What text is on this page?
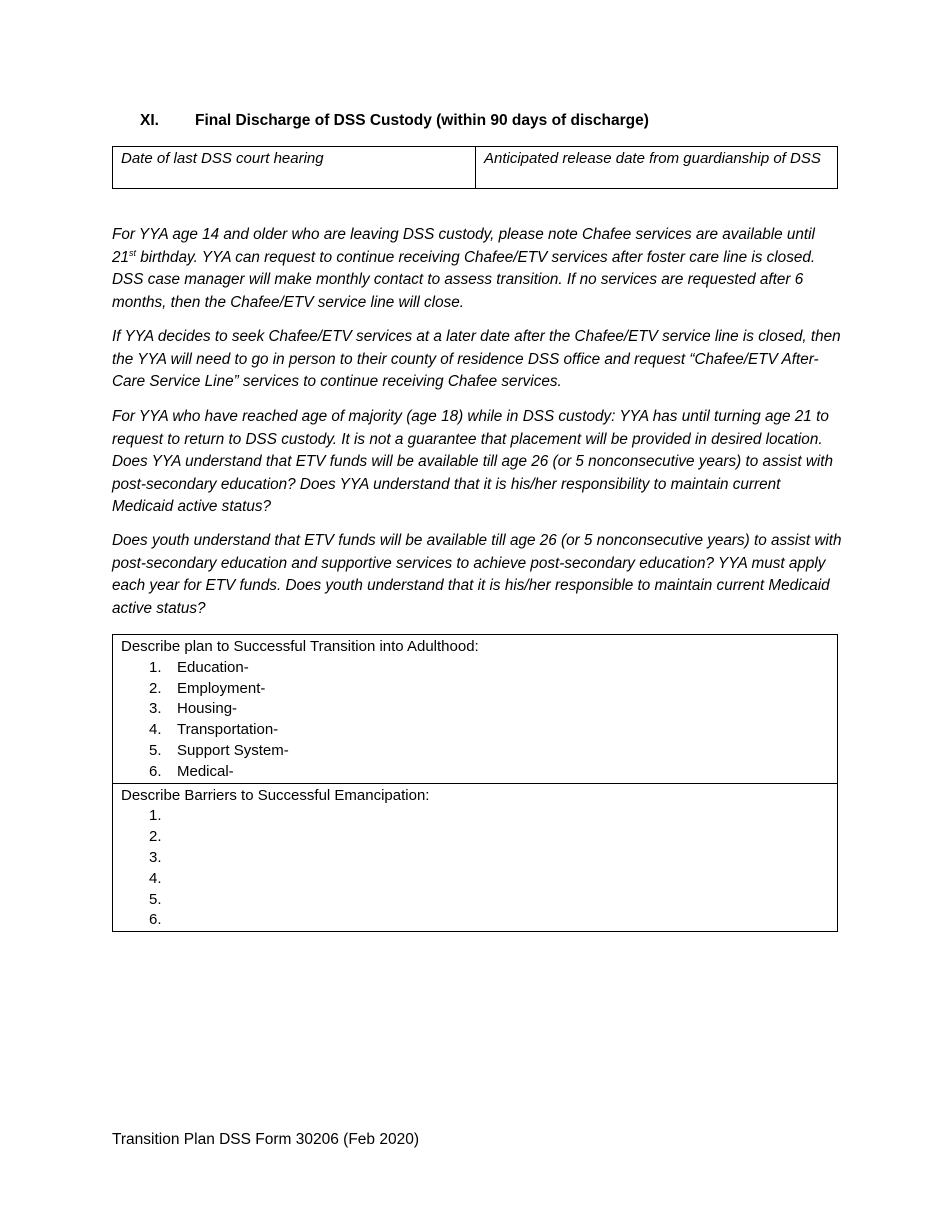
XI. Final Discharge of DSS Custody (within 90 days of discharge)
Date of last DSS court hearing	Anticipated release date from guardianship of DSS

For YYA age 14 and older who are leaving DSS custody, please note Chafee services are available until 21st birthday. YYA can request to continue receiving Chafee/ETV services after foster care line is closed. DSS case manager will make monthly contact to assess transition. If no services are requested after 6 months, then the Chafee/ETV service line will close.

If YYA decides to seek Chafee/ETV services at a later date after the Chafee/ETV service line is closed, then the YYA will need to go in person to their county of residence DSS office and request “Chafee/ETV After-Care Service Line” services to continue receiving Chafee services.

For YYA who have reached age of majority (age 18) while in DSS custody: YYA has until turning age 21 to request to return to DSS custody. It is not a guarantee that placement will be provided in desired location. Does YYA understand that ETV funds will be available till age 26 (or 5 nonconsecutive years) to assist with post-secondary education? Does YYA understand that it is his/her responsibility to maintain current Medicaid active status?

Does youth understand that ETV funds will be available till age 26 (or 5 nonconsecutive years) to assist with post-secondary education and supportive services to achieve post-secondary education? YYA must apply each year for ETV funds. Does youth understand that it is his/her responsible to maintain current Medicaid active status?

Describe plan to Successful Transition into Adulthood:
1. Education-
2. Employment-
3. Housing-
4. Transportation-
5. Support System-
6. Medical-
Describe Barriers to Successful Emancipation:
1.
2.
3.
4.
5.
6.
Transition Plan DSS Form 30206 (Feb 2020)
